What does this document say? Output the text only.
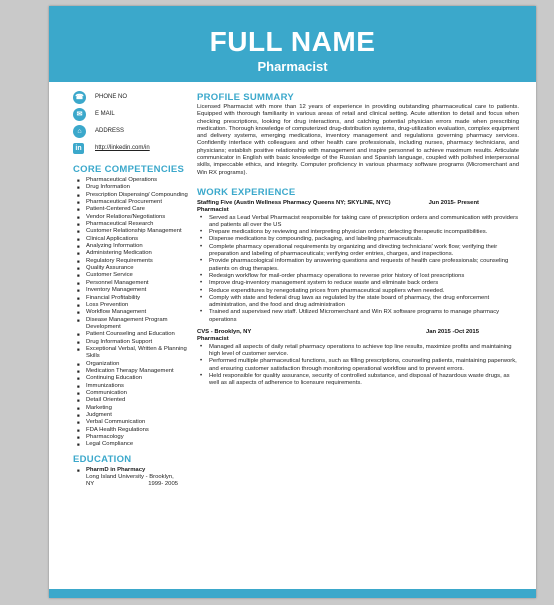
FULL NAME
Pharmacist
☎	PHONE NO
✉	E MAIL
⌂	ADDRESS
in	http://linkedin.com/in
CORE COMPETENCIES
■ Pharmaceutical Operations
■ Drug Information
■ Prescription Dispensing/ Compounding
■ Pharmaceutical Procurement
■ Patient-Centered Care
■ Vendor Relations/Negotiations
■ Pharmaceutical Research
■ Customer Relationship Management
■ Clinical Applications
■ Analyzing Information
■ Administering Medication
■ Regulatory Requirements
■ Quality Assurance
■ Customer Service
■ Personnel Management
■ Inventory Management
■ Financial Profitability
■ Loss Prevention
■ Workflow Management
■ Disease Management Program Development
■ Patient Counseling and Education
■ Drug Information Support
■ Exceptional Verbal, Written & Planning Skills
■ Organization
■ Medication Therapy Management
■ Continuing Education
■ Immunizations
■ Communication
■ Detail Oriented
■ Marketing
■ Judgment
■ Verbal Communication
■ FDA Health Regulations
■ Pharmacology
■ Legal Compliance
EDUCATION
■ PharmD in Pharmacy
Long Island University - Brooklyn,
NY	1999- 2005
PROFILE SUMMARY
Licensed Pharmacist with more than 12 years of experience in providing outstanding pharmaceutical care to patients. Equipped with thorough familiarity in various areas of retail and clinical setting. Acute attention to detail and focus when checking prescriptions, looking for drug interactions, and catching potential physician errors made when prescribing medication. Thorough knowledge of computerized drug-distribution systems, drug-utilization evaluation, complex equipment and delivery systems, emerging medications, inventory management and regulations governing pharmacy services. Confidently interface with colleagues and other health care professionals, including nurses, pharmacy technicians, and physicians; establish positive relationship with management and inspire personnel to achieve maximum results. Articulate communicator in English with basic knowledge of the Russian and Spanish language, coupled with polished interpersonal skills, impeccable ethics, and integrity. Computer proficiency in various pharmacy software programs (Micromerchant and Win RX programs).
WORK EXPERIENCE
Staffing Five (Austin Wellness Pharmacy Queens NY; SKYLINE, NYC)	Jun 2015- Present
Pharmacist
• Served as Lead Verbal Pharmacist responsible for taking care of prescription orders and communication with providers and patients all over the US
• Prepare medications by reviewing and interpreting physician orders; detecting therapeutic incompatibilities.
• Dispense medications by compounding, packaging, and labeling pharmaceuticals.
• Complete pharmacy operational requirements by organizing and directing technicians' work flow; verifying their preparation and labeling of pharmaceuticals; verifying order entries, charges, and inspections.
• Provide pharmacological information by answering questions and requests of health care professionals; counseling patients on drug therapies.
• Redesign workflow for mail-order pharmacy operations to reverse prior history of lost prescriptions
• Improve drug-inventory management system to reduce waste and eliminate back orders
• Reduce expenditures by renegotiating prices from pharmaceutical suppliers when needed.
• Comply with state and federal drug laws as regulated by the state board of pharmacy, the drug enforcement administration, and the food and drug administration
• Trained and supervised new staff. Utilized Micromerchant and Win RX software programs to manage pharmacy operations
CVS - Brooklyn, NY	Jan 2015 -Oct 2015
Pharmacist
• Managed all aspects of daily retail pharmacy operations to achieve top line results, maximize profits and maintaining high level of customer service.
• Performed multiple pharmaceutical functions, such as filling prescriptions, counseling patients, maintaining paperwork, and ensuring customer satisfaction through monitoring operational workflow and to prevent errors.
• Held responsible for quality assurance, security of controlled substance, and disposal of hazardous waste drugs, as well as all aspects of adherence to licensure requirements.
